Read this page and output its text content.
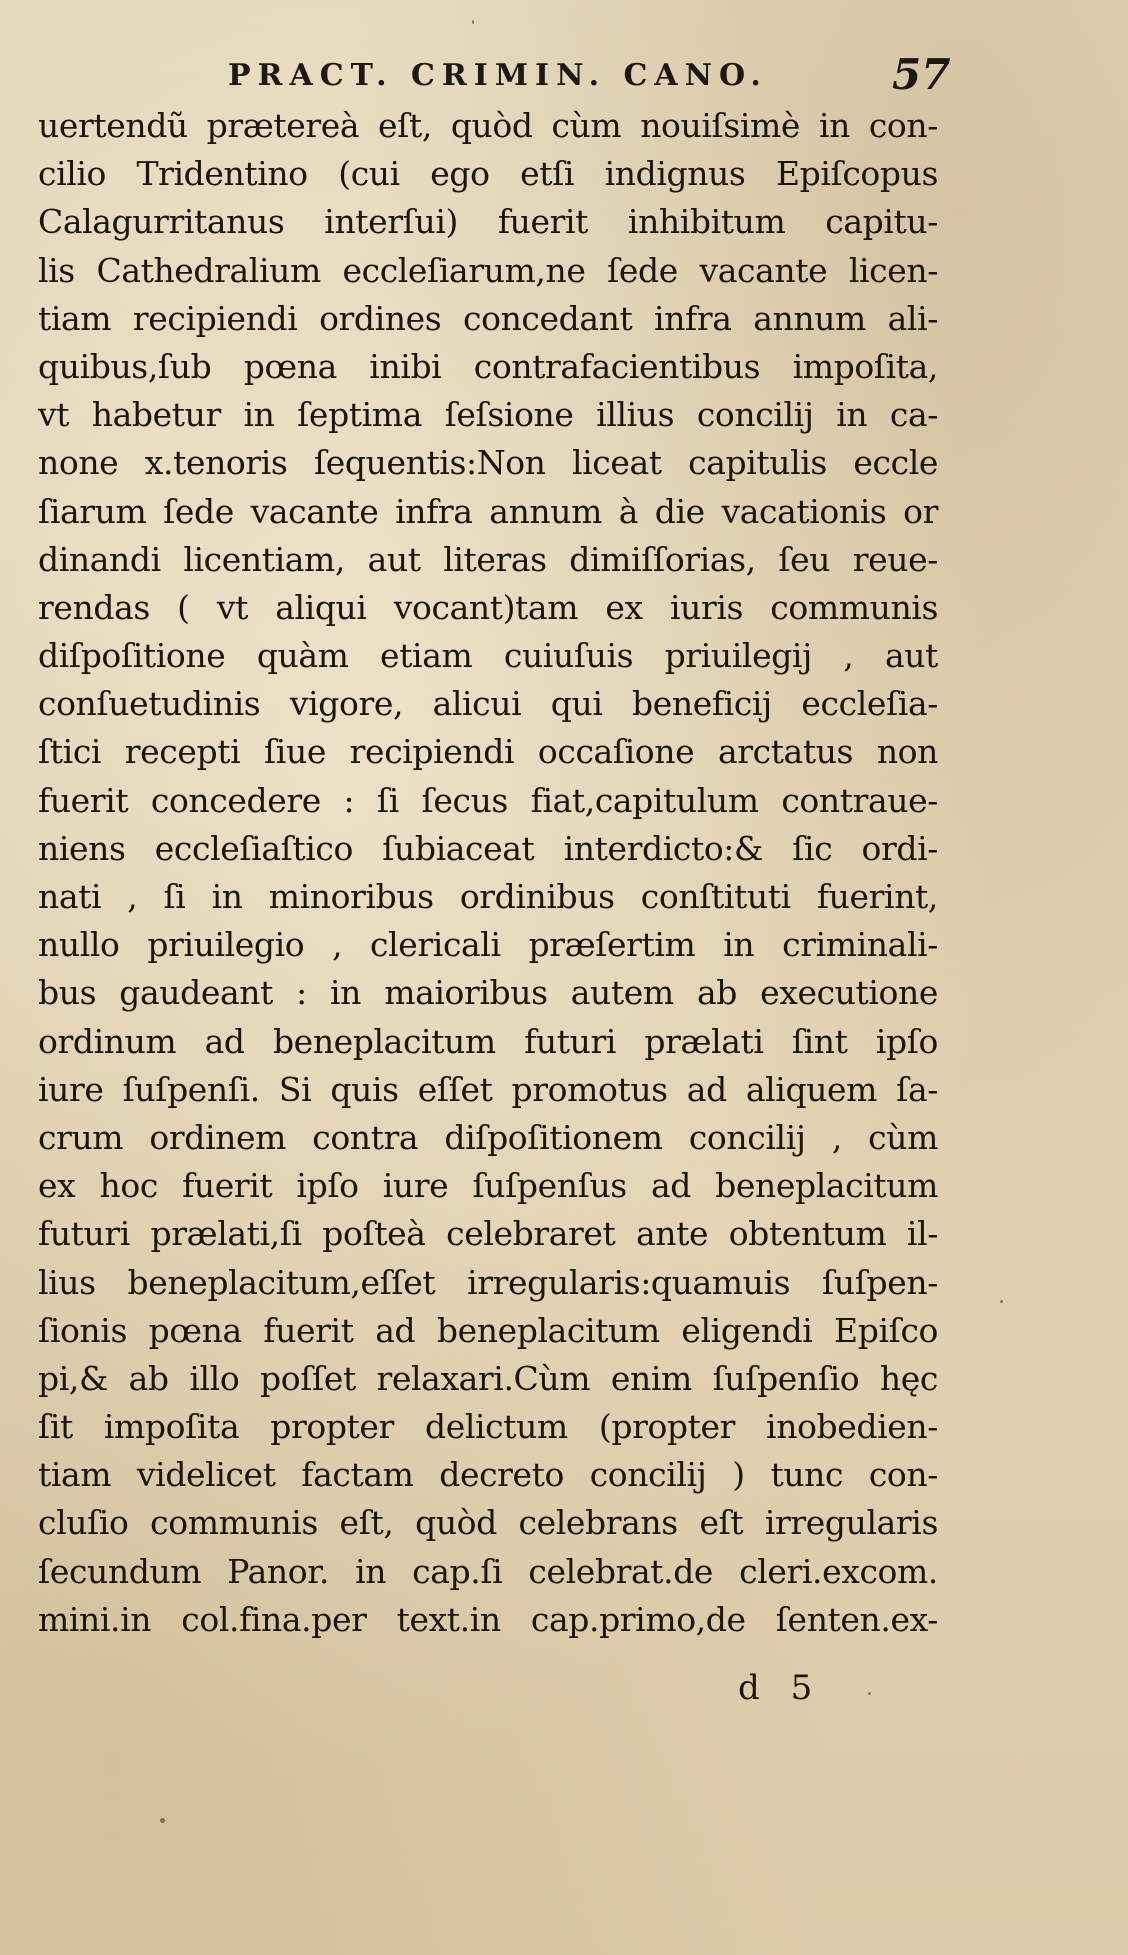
PRACT. CRIMIN. CANO.	57
uertendũ prӕtereà eſt, quòd cùm nouiſsimè in con-
cilio Tridentino (cui ego etſi indignus Epiſcopus
Calagurritanus interſui) fuerit inhibitum capitu-
lis Cathedralium eccleſiarum,ne ſede vacante licen-
tiam recipiendi ordines concedant infra annum ali-
quibus,ſub pœna inibi contrafacientibus impoſita,
vt habetur in ſeptima ſeſsione illius concilij in ca-
none x.tenoris ſequentis:Non liceat capitulis eccle
ſiarum ſede vacante infra annum à die vacationis or
dinandi licentiam, aut literas dimiſſorias, ſeu reue-
rendas ( vt aliqui vocant)tam ex iuris communis
diſpoſitione quàm etiam cuiuſuis priuilegij , aut
conſuetudinis vigore, alicui qui beneficij eccleſia-
ſtici recepti ſiue recipiendi occaſione arctatus non
fuerit concedere : ſi ſecus fiat,capitulum contraue-
niens eccleſiaſtico ſubiaceat interdicto:& ſic ordi-
nati , ſi in minoribus ordinibus conſtituti fuerint,
nullo priuilegio , clericali prӕſertim in criminali-
bus gaudeant : in maioribus autem ab executione
ordinum ad beneplacitum futuri prӕlati ſint ipſo
iure ſuſpenſi. Si quis eſſet promotus ad aliquem ſa-
crum ordinem contra diſpoſitionem concilij , cùm
ex hoc fuerit ipſo iure ſuſpenſus ad beneplacitum
futuri prӕlati,ſi poſteà celebraret ante obtentum il-
lius beneplacitum,eſſet irregularis:quamuis ſuſpen-
ſionis pœna fuerit ad beneplacitum eligendi Epiſco
pi,& ab illo poſſet relaxari.Cùm enim ſuſpenſio hęc
ſit impoſita propter delictum (propter inobedien-
tiam videlicet factam decreto concilij ) tunc con-
cluſio communis eſt, quòd celebrans eſt irregularis
ſecundum Panor. in cap.ſi celebrat.de cleri.excom.
mini.in col.fina.per text.in cap.primo,de ſenten.ex-
d 5
